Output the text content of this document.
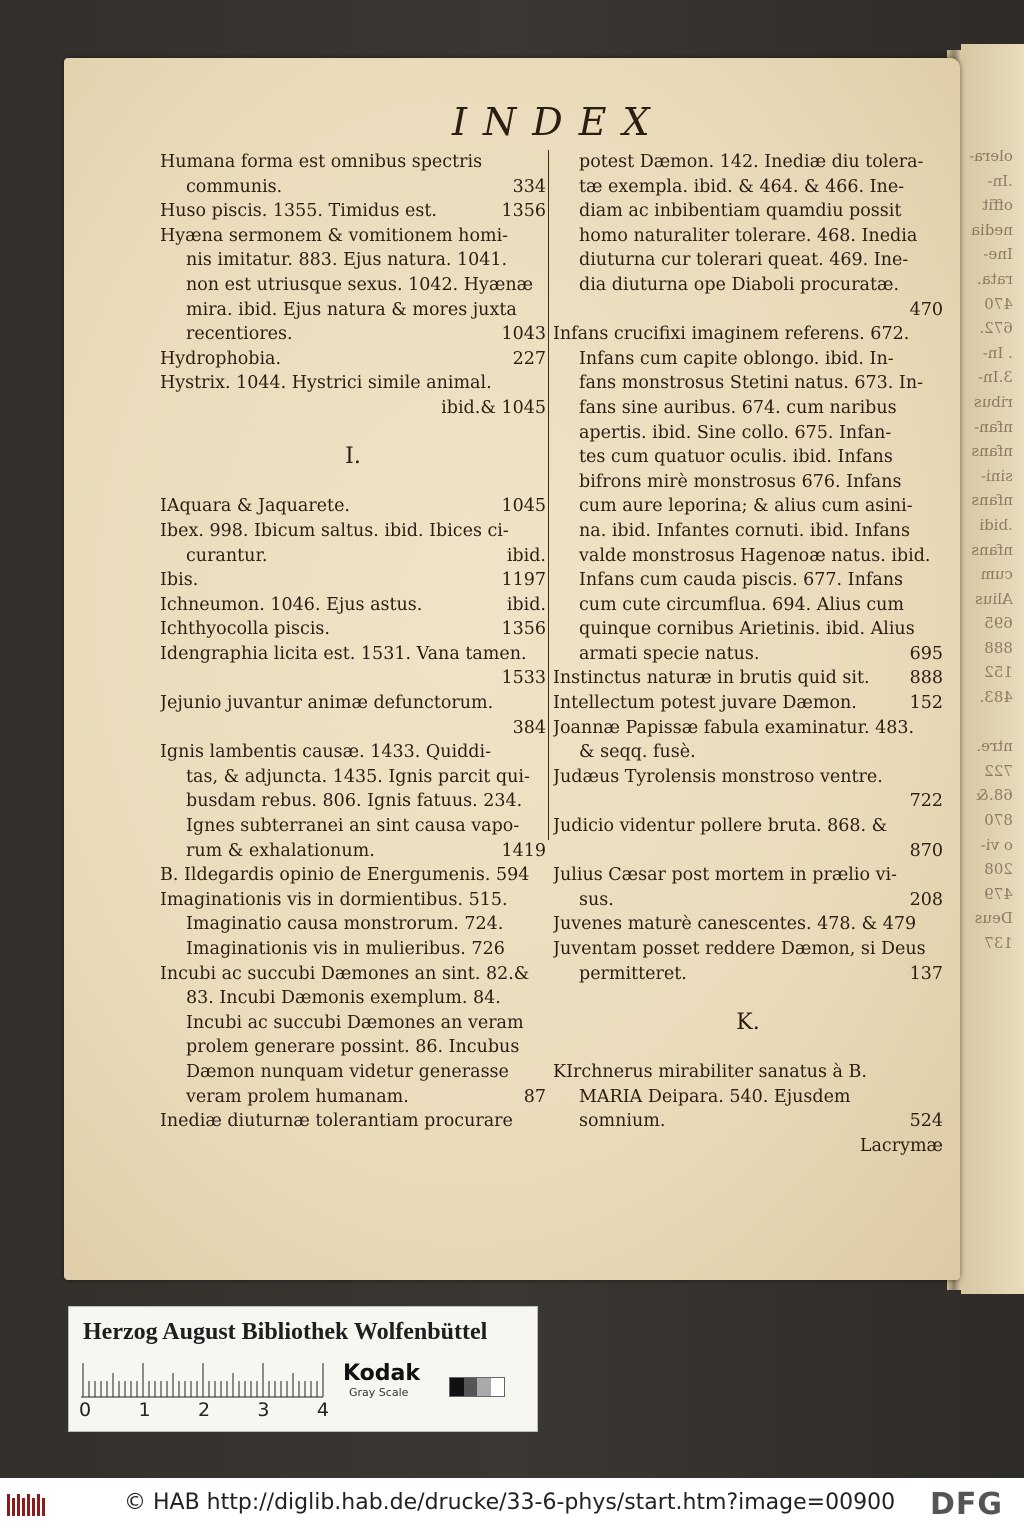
olera-
.In-
offit
nedia
Ine-
rata.
470
672.
. In-
3.In-
ribus
nfan-
nfans
sini-
nfans
.bidi
nfans
cum
Alius
695
888
152
483.

ntre.
722
68.&
870
o vi-
208
479
Deus
137
INDEX
Humana forma est omnibus spectris
communis.	334
Huso piscis. 1355. Timidus est.	1356
Hyæna sermonem & vomitionem homi-
nis imitatur. 883. Ejus natura. 1041.
non est utriusque sexus. 1042. Hyænæ
mira. ibid. Ejus natura & mores juxta
recentiores.	1043
Hydrophobia.	227
Hystrix. 1044. Hystrici simile animal.
ibid.& 1045
I.
IAquara & Jaquarete.	1045
Ibex. 998. Ibicum saltus. ibid. Ibices ci-
curantur.	ibid.
Ibis.	1197
Ichneumon. 1046. Ejus astus.	ibid.
Ichthyocolla piscis.	1356
Idengraphia licita est. 1531. Vana tamen.
1533
Jejunio juvantur animæ defunctorum.
384
Ignis lambentis causæ. 1433. Quiddi-
tas, & adjuncta. 1435. Ignis parcit qui-
busdam rebus. 806. Ignis fatuus. 234.
Ignes subterranei an sint causa vapo-
rum & exhalationum.	1419
B. Ildegardis opinio de Energumenis. 594
Imaginationis vis in dormientibus. 515.
Imaginatio causa monstrorum. 724.
Imaginationis vis in mulieribus. 726
Incubi ac succubi Dæmones an sint. 82.&
83. Incubi Dæmonis exemplum. 84.
Incubi ac succubi Dæmones an veram
prolem generare possint. 86. Incubus
Dæmon nunquam videtur generasse
veram prolem humanam.	87
Inediæ diuturnæ tolerantiam procurare
potest Dæmon. 142. Inediæ diu tolera-
tæ exempla. ibid. & 464. & 466. Ine-
diam ac inbibentiam quamdiu possit
homo naturaliter tolerare. 468. Inedia
diuturna cur tolerari queat. 469. Ine-
dia diuturna ope Diaboli procuratæ.
470
Infans crucifixi imaginem referens. 672.
Infans cum capite oblongo. ibid. In-
fans monstrosus Stetini natus. 673. In-
fans sine auribus. 674. cum naribus
apertis. ibid. Sine collo. 675. Infan-
tes cum quatuor oculis. ibid. Infans
bifrons mirè monstrosus 676. Infans
cum aure leporina; & alius cum asini-
na. ibid. Infantes cornuti. ibid. Infans
valde monstrosus Hagenoæ natus. ibid.
Infans cum cauda piscis. 677. Infans
cum cute circumflua. 694. Alius cum
quinque cornibus Arietinis. ibid. Alius
armati specie natus.	695
Instinctus naturæ in brutis quid sit.	888
Intellectum potest juvare Dæmon.	152
Joannæ Papissæ fabula examinatur. 483.
& seqq. fusè.
Judæus Tyrolensis monstroso ventre.
722
Judicio videntur pollere bruta. 868. &
870
Julius Cæsar post mortem in prælio vi-
sus.	208
Juvenes maturè canescentes. 478. & 479
Juventam posset reddere Dæmon, si Deus
permitteret.	137
K.
KIrchnerus mirabiliter sanatus à B.
MARIA Deipara. 540. Ejusdem
somnium.	524
Lacrymæ
Herzog August Bibliothek Wolfenbüttel
0 1 2 3 4
Kodak
Gray Scale
© HAB http://diglib.hab.de/drucke/33-6-phys/start.htm?image=00900 DFG
